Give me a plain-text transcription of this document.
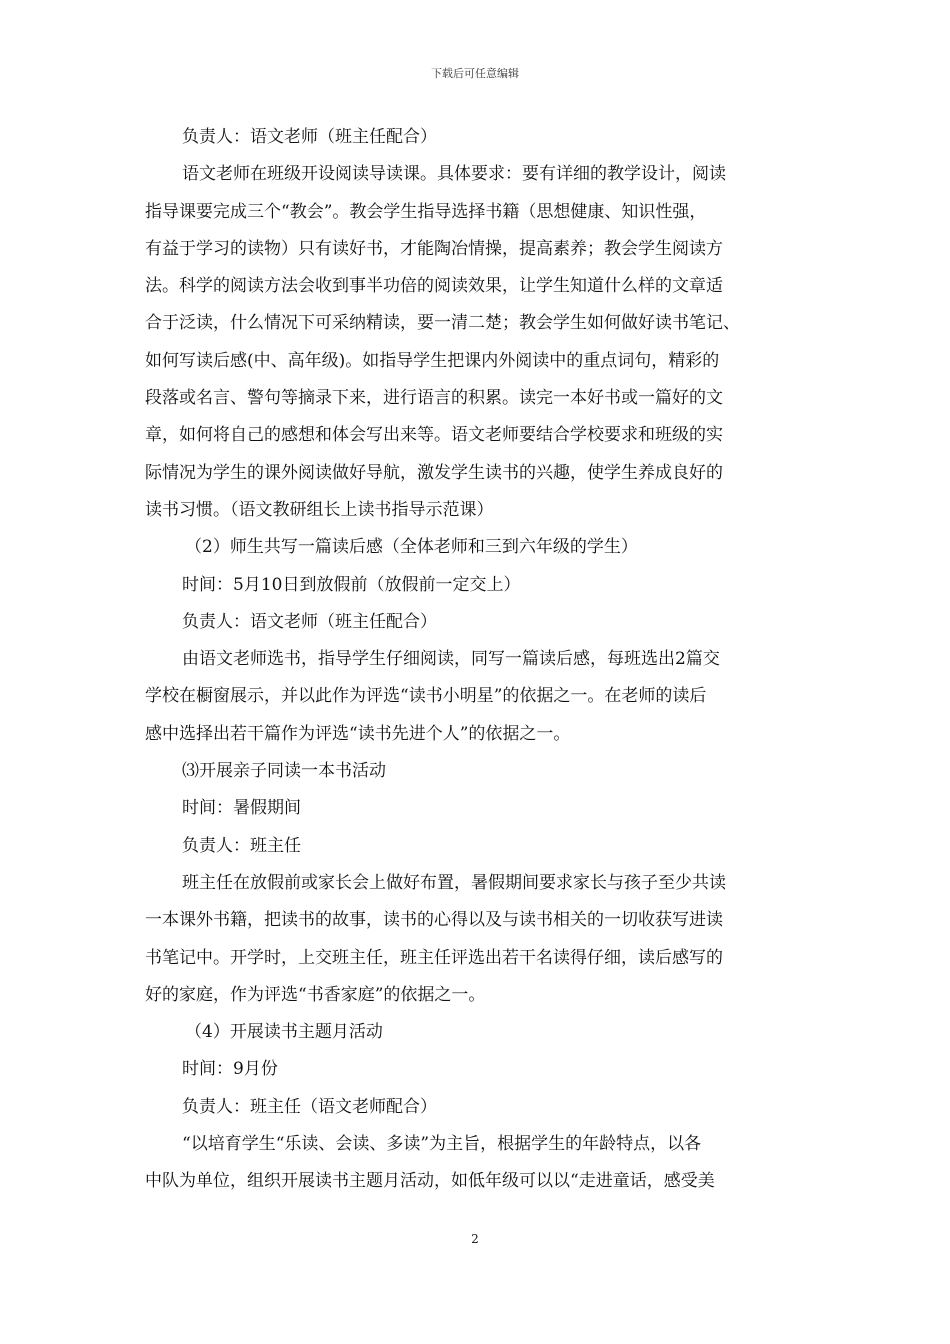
下载后可任意编辑
负责人：语文老师（班主任配合）
语文老师在班级开设阅读导读课。具体要求：要有详细的教学设计，阅读
指导课要完成三个“教会”。教会学生指导选择书籍（思想健康、知识性强，
有益于学习的读物）只有读好书，才能陶冶情操，提高素养；教会学生阅读方
法。科学的阅读方法会收到事半功倍的阅读效果，让学生知道什么样的文章适
合于泛读，什么情况下可采纳精读，要一清二楚；教会学生如何做好读书笔记、
如何写读后感(中、高年级)。如指导学生把课内外阅读中的重点词句，精彩的
段落或名言、警句等摘录下来，进行语言的积累。读完一本好书或一篇好的文
章，如何将自己的感想和体会写出来等。语文老师要结合学校要求和班级的实
际情况为学生的课外阅读做好导航，激发学生读书的兴趣，使学生养成良好的
读书习惯。（语文教研组长上读书指导示范课）
（2）师生共写一篇读后感（全体老师和三到六年级的学生）
时间：5月10日到放假前（放假前一定交上）
负责人：语文老师（班主任配合）
由语文老师选书，指导学生仔细阅读，同写一篇读后感，每班选出2篇交
学校在橱窗展示，并以此作为评选“读书小明星”的依据之一。在老师的读后
感中选择出若干篇作为评选“读书先进个人”的依据之一。
⑶开展亲子同读一本书活动
时间：暑假期间
负责人：班主任
班主任在放假前或家长会上做好布置，暑假期间要求家长与孩子至少共读
一本课外书籍，把读书的故事，读书的心得以及与读书相关的一切收获写进读
书笔记中。开学时，上交班主任，班主任评选出若干名读得仔细，读后感写的
好的家庭，作为评选“书香家庭”的依据之一。
（4）开展读书主题月活动
时间：9月份
负责人：班主任（语文老师配合）
“以培育学生“乐读、会读、多读”为主旨，根据学生的年龄特点，以各
中队为单位，组织开展读书主题月活动，如低年级可以以“走进童话，感受美
2
